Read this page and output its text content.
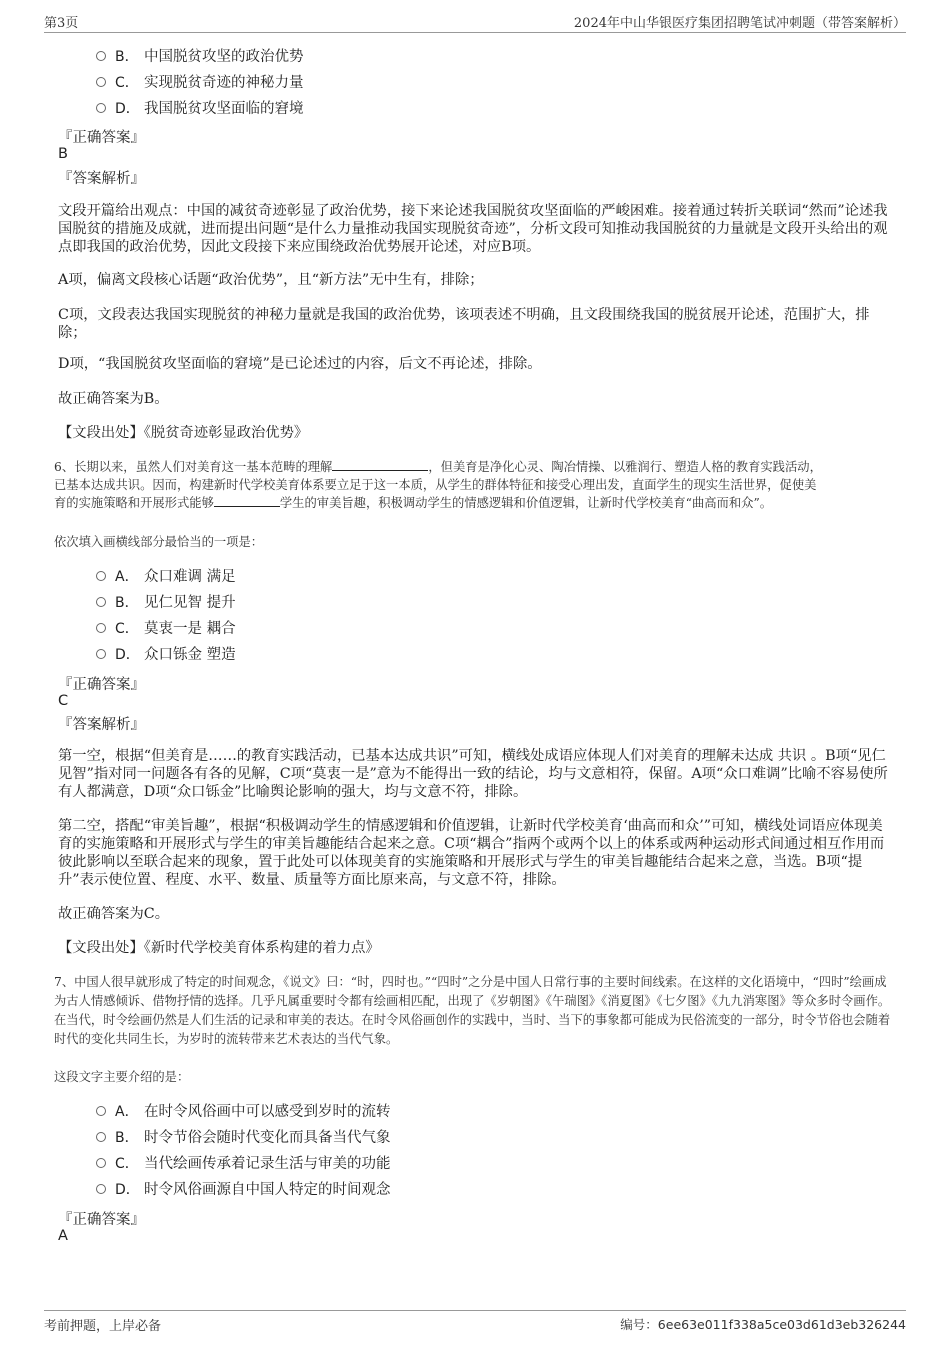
第3页	2024年中山华银医疗集团招聘笔试冲刺题（带答案解析）
B． 中国脱贫攻坚的政治优势
C． 实现脱贫奇迹的神秘力量
D． 我国脱贫攻坚面临的窘境
『正确答案』
B
『答案解析』
文段开篇给出观点：中国的减贫奇迹彰显了政治优势，接下来论述我国脱贫攻坚面临的严峻困难。接着通过转折关联词“然而”论述我国脱贫的措施及成就，进而提出问题“是什么力量推动我国实现脱贫奇迹”，分析文段可知推动我国脱贫的力量就是文段开头给出的观点即我国的政治优势，因此文段接下来应围绕政治优势展开论述，对应B项。
A项，偏离文段核心话题“政治优势”，且“新方法”无中生有，排除；
C项，文段表达我国实现脱贫的神秘力量就是我国的政治优势，该项表述不明确，且文段围绕我国的脱贫展开论述，范围扩大，排除；
D项，“我国脱贫攻坚面临的窘境”是已论述过的内容，后文不再论述，排除。
故正确答案为B。
【文段出处】《脱贫奇迹彰显政治优势》
6、长期以来，虽然人们对美育这一基本范畴的理解	，但美育是净化心灵、陶冶情操、以雅润行、塑造人格的教育实践活动，
已基本达成共识。因而，构建新时代学校美育体系要立足于这一本质，从学生的群体特征和接受心理出发，直面学生的现实生活世界，促使美
育的实施策略和开展形式能够	学生的审美旨趣，积极调动学生的情感逻辑和价值逻辑，让新时代学校美育“曲高而和众”。
依次填入画横线部分最恰当的一项是：
A． 众口难调 满足
B． 见仁见智 提升
C． 莫衷一是 耦合
D． 众口铄金 塑造
『正确答案』
C
『答案解析』
第一空，根据“但美育是……的教育实践活动，已基本达成共识”可知，横线处成语应体现人们对美育的理解未达成 共识 。B项“见仁见智”指对同一问题各有各的见解，C项“莫衷一是”意为不能得出一致的结论，均与文意相符，保留。A项“众口难调”比喻不容易使所有人都满意，D项“众口铄金”比喻舆论影响的强大，均与文意不符，排除。
第二空，搭配“审美旨趣”，根据“积极调动学生的情感逻辑和价值逻辑，让新时代学校美育‘曲高而和众’”可知，横线处词语应体现美育的实施策略和开展形式与学生的审美旨趣能结合起来之意。C项“耦合”指两个或两个以上的体系或两种运动形式间通过相互作用而彼此影响以至联合起来的现象，置于此处可以体现美育的实施策略和开展形式与学生的审美旨趣能结合起来之意，当选。B项“提升”表示使位置、程度、水平、数量、质量等方面比原来高，与文意不符，排除。
故正确答案为C。
【文段出处】《新时代学校美育体系构建的着力点》
7、中国人很早就形成了特定的时间观念，《说文》曰：“时，四时也。”“四时”之分是中国人日常行事的主要时间线索。在这样的文化语境中，“四时”绘画成为古人情感倾诉、借物抒情的选择。几乎凡属重要时令都有绘画相匹配，出现了《岁朝图》《午瑞图》《消夏图》《七夕图》《九九消寒图》等众多时令画作。在当代，时令绘画仍然是人们生活的记录和审美的表达。在时令风俗画创作的实践中，当时、当下的事象都可能成为民俗流变的一部分，时令节俗也会随着时代的变化共同生长，为岁时的流转带来艺术表达的当代气象。
这段文字主要介绍的是：
A． 在时令风俗画中可以感受到岁时的流转
B． 时令节俗会随时代变化而具备当代气象
C． 当代绘画传承着记录生活与审美的功能
D． 时令风俗画源自中国人特定的时间观念
『正确答案』
A
考前押题，上岸必备	编号：6ee63e011f338a5ce03d61d3eb326244
